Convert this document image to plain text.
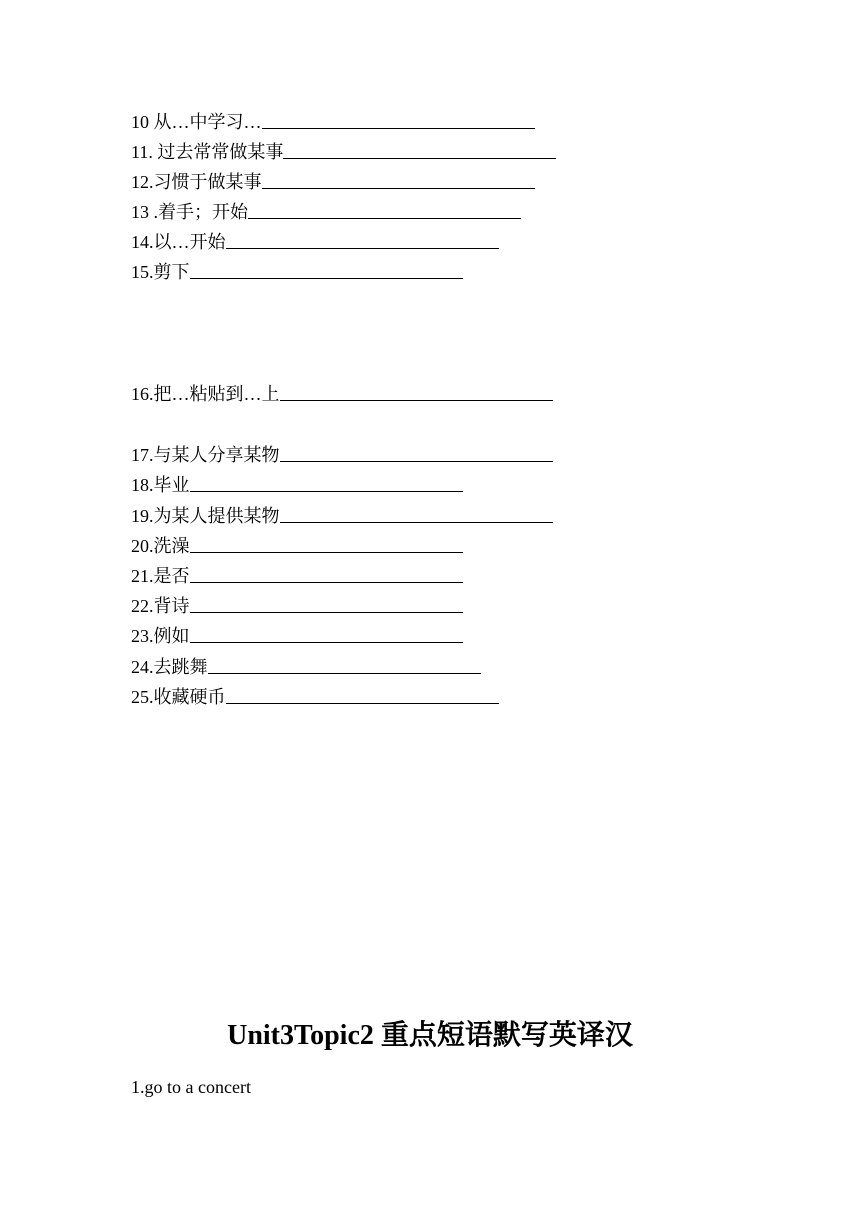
10 从…中学习…
11. 过去常常做某事
12.习惯于做某事
13 .着手；开始
14.以…开始
15.剪下
16.把…粘贴到…上
17.与某人分享某物
18.毕业
19.为某人提供某物
20.洗澡
21.是否
22.背诗
23.例如
24.去跳舞
25.收藏硬币
Unit3Topic2 重点短语默写英译汉
1.go to a concert
